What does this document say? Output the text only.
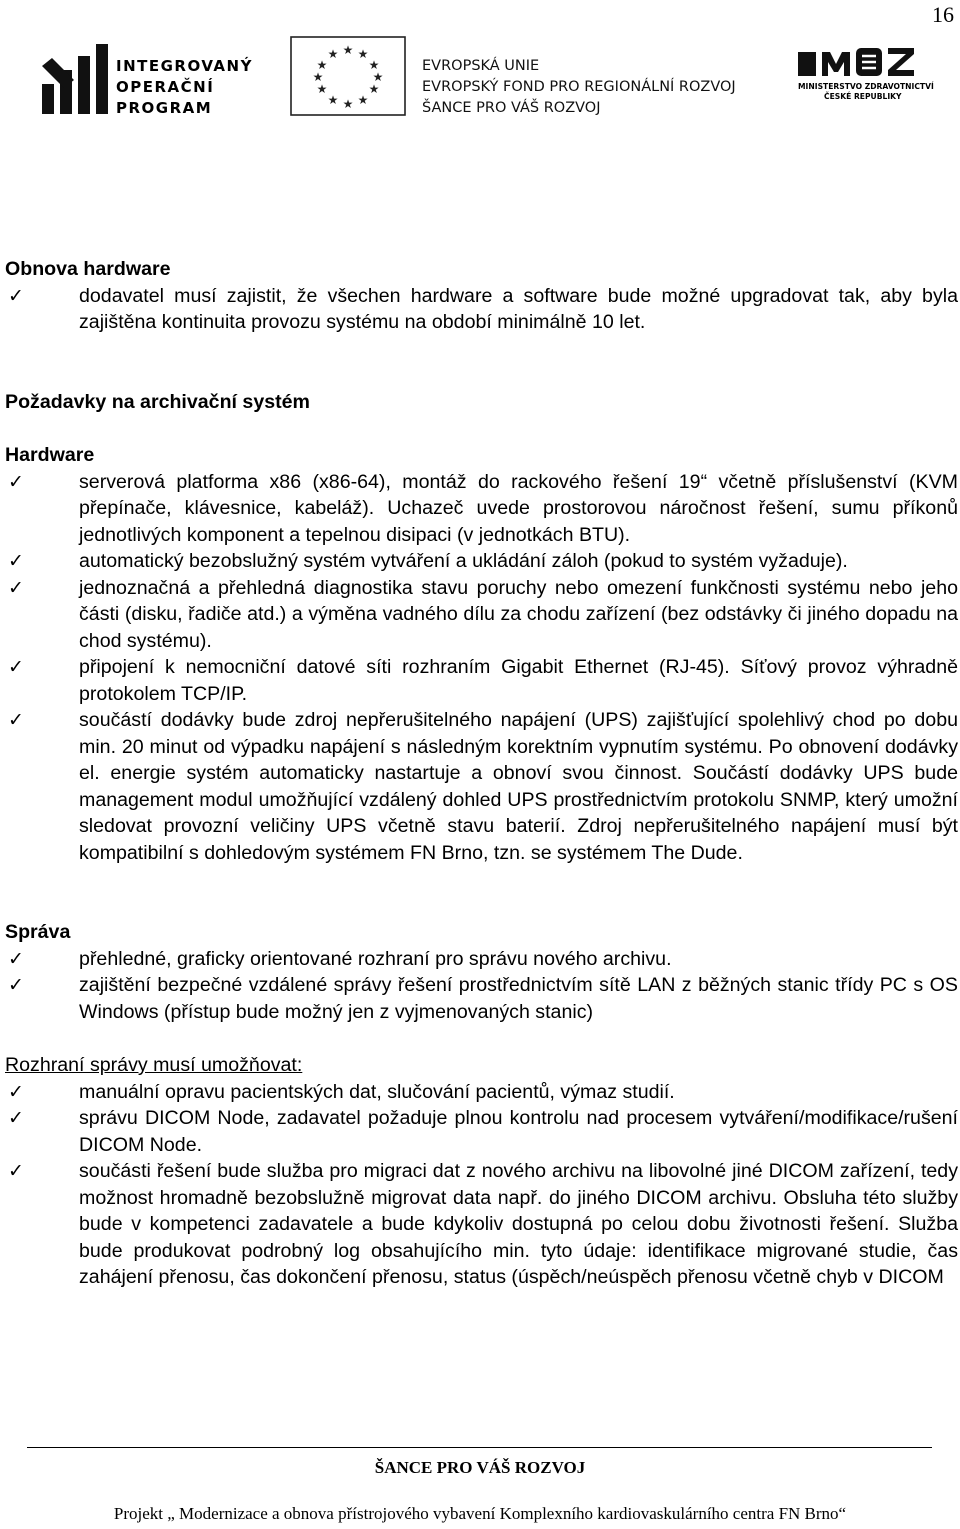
16
INTEGROVANÝ
OPERAČNÍ
PROGRAM
★ ★
★
★
★
★
★
★
★
★
★
★
EVROPSKÁ UNIE
EVROPSKÝ FOND PRO REGIONÁLNÍ ROZVOJ
ŠANCE PRO VÁŠ ROZVOJ
MINISTERSTVO ZDRAVOTNICTVÍ
ČESKÉ REPUBLIKY
Obnova hardware
✓	dodavatel musí zajistit, že všechen hardware a software bude možné upgradovat tak, aby byla zajištěna kontinuita provozu systému na období minimálně 10 let.
Požadavky na archivační systém
Hardware
✓	serverová platforma x86 (x86-64), montáž do rackového řešení 19“ včetně příslušenství (KVM přepínače, klávesnice, kabeláž). Uchazeč uvede prostorovou náročnost řešení, sumu příkonů jednotlivých komponent a tepelnou disipaci (v jednotkách BTU).
✓	automatický bezobslužný systém vytváření a ukládání záloh (pokud to systém vyžaduje).
✓	jednoznačná a přehledná diagnostika stavu poruchy nebo omezení funkčnosti systému nebo jeho části (disku, řadiče atd.) a výměna vadného dílu za chodu zařízení (bez odstávky či jiného dopadu na chod systému).
✓	připojení k nemocniční datové síti rozhraním Gigabit Ethernet (RJ-45). Síťový provoz výhradně protokolem TCP/IP.
✓	součástí dodávky bude zdroj nepřerušitelného napájení (UPS) zajišťující spolehlivý chod po dobu min. 20 minut od výpadku napájení s následným korektním vypnutím systému. Po obnovení dodávky el. energie systém automaticky nastartuje a obnoví svou činnost. Součástí dodávky UPS bude management modul umožňující vzdálený dohled UPS prostřednictvím protokolu SNMP, který umožní sledovat provozní veličiny UPS včetně stavu baterií. Zdroj nepřerušitelného napájení musí být kompatibilní s dohledovým systémem FN Brno, tzn. se systémem The Dude.
Správa
✓	přehledné, graficky orientované rozhraní pro správu nového archivu.
✓	zajištění bezpečné vzdálené správy řešení prostřednictvím sítě LAN z běžných stanic třídy PC s OS Windows (přístup bude možný jen z vyjmenovaných stanic)
Rozhraní správy musí umožňovat:
✓	manuální opravu pacientských dat, slučování pacientů, výmaz studií.
✓	správu DICOM Node, zadavatel požaduje plnou kontrolu nad procesem vytváření/modifikace/rušení DICOM Node.
✓	součásti řešení bude služba pro migraci dat z nového archivu na libovolné jiné DICOM zařízení, tedy možnost hromadně bezobslužně migrovat data např. do jiného DICOM archivu. Obsluha této služby bude v kompetenci zadavatele a bude kdykoliv dostupná po celou dobu životnosti řešení. Služba bude produkovat podrobný log obsahujícího min. tyto údaje: identifikace migrované studie, čas zahájení přenosu, čas dokončení přenosu, status (úspěch/neúspěch přenosu včetně chyb v DICOM
ŠANCE PRO VÁŠ ROZVOJ
Projekt „ Modernizace a obnova přístrojového vybavení Komplexního kardiovaskulárního centra FN Brno“
